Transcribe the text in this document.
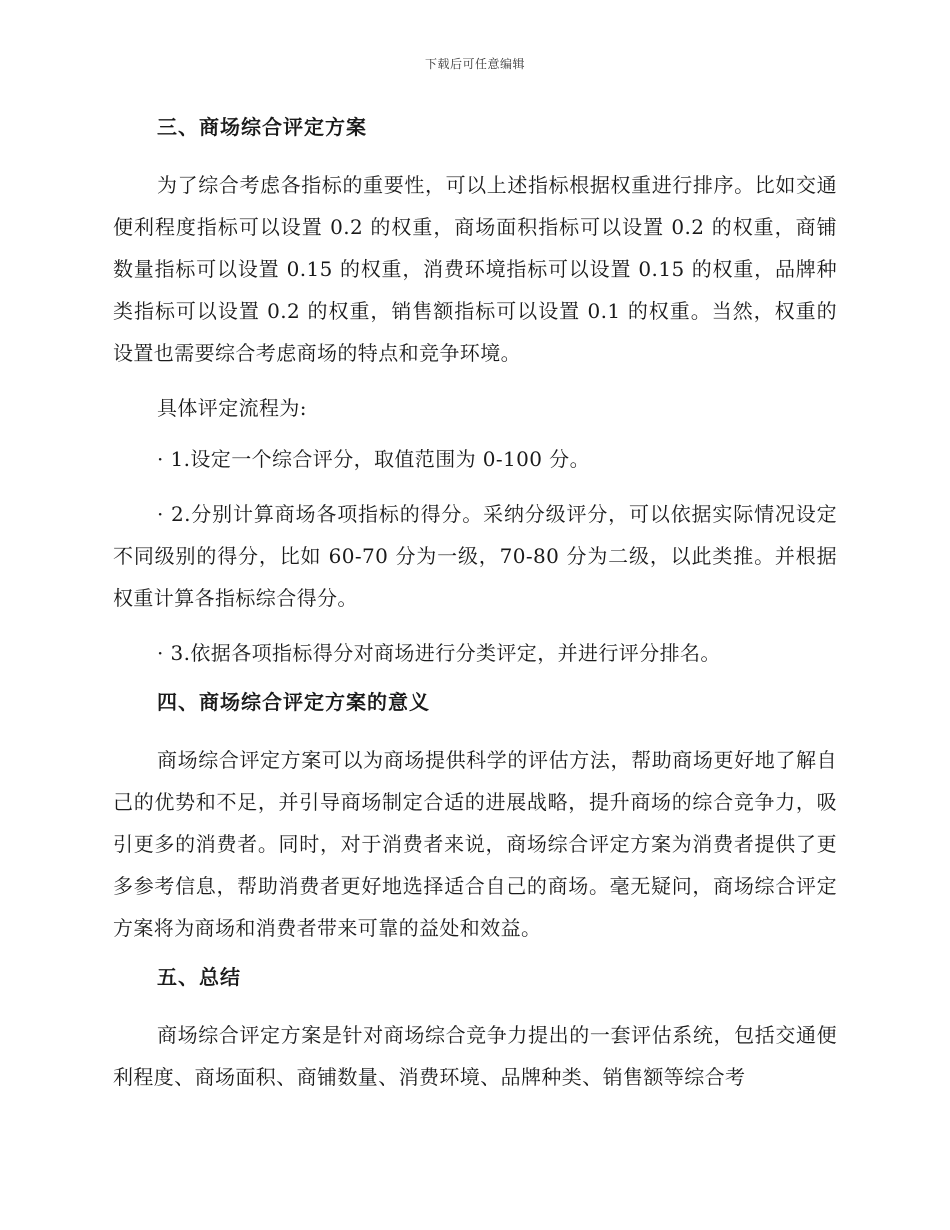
下载后可任意编辑
三、商场综合评定方案

为了综合考虑各指标的重要性，可以上述指标根据权重进行排序。比如交通便利程度指标可以设置 0.2 的权重，商场面积指标可以设置 0.2 的权重，商铺数量指标可以设置 0.15 的权重，消费环境指标可以设置 0.15 的权重，品牌种类指标可以设置 0.2 的权重，销售额指标可以设置 0.1 的权重。当然，权重的设置也需要综合考虑商场的特点和竞争环境。

具体评定流程为:

· 1.设定一个综合评分，取值范围为 0-100 分。

· 2.分别计算商场各项指标的得分。采纳分级评分，可以依据实际情况设定不同级别的得分，比如 60-70 分为一级，70-80 分为二级，以此类推。并根据权重计算各指标综合得分。

· 3.依据各项指标得分对商场进行分类评定，并进行评分排名。

四、商场综合评定方案的意义

商场综合评定方案可以为商场提供科学的评估方法，帮助商场更好地了解自己的优势和不足，并引导商场制定合适的进展战略，提升商场的综合竞争力，吸引更多的消费者。同时，对于消费者来说，商场综合评定方案为消费者提供了更多参考信息，帮助消费者更好地选择适合自己的商场。毫无疑问，商场综合评定方案将为商场和消费者带来可靠的益处和效益。

五、总结

商场综合评定方案是针对商场综合竞争力提出的一套评估系统，包括交通便利程度、商场面积、商铺数量、消费环境、品牌种类、销售额等综合考
